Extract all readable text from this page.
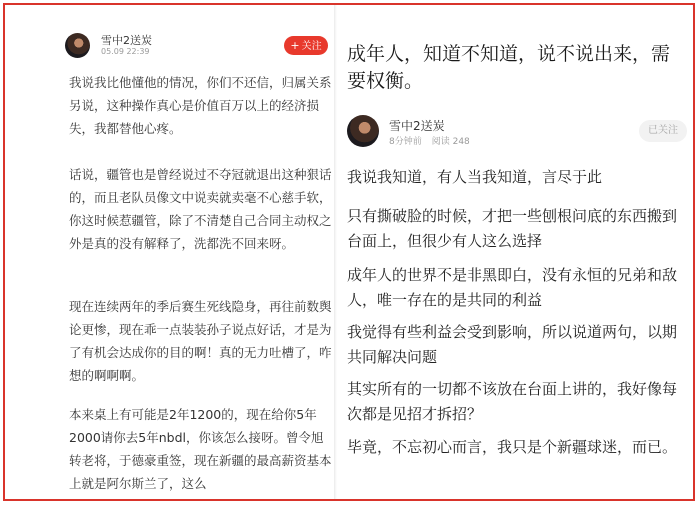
雪中2送炭
05.09 22:39	+ 关注

我说我比他懂他的情况，你们不还信，归属关系另说，这种操作真心是价值百万以上的经济损失，我都替他心疼。

话说，疆管也是曾经说过不夺冠就退出这种狠话的，而且老队员像文中说卖就卖毫不心慈手软，你这时候惹疆管，除了不清楚自己合同主动权之外是真的没有解释了，洗都洗不回来呀。

现在连续两年的季后赛生死线隐身，再往前数舆论更惨，现在乖一点装装孙子说点好话，才是为了有机会达成你的目的啊！真的无力吐槽了，咋想的啊啊啊。

本来桌上有可能是2年1200的，现在给你5年2000请你去5年nbdl，你该怎么接呀。曾令旭转老将，于德豪重签，现在新疆的最高薪资基本上就是阿尔斯兰了，这么

成年人，知道不知道，说不说出来，需要权衡。

雪中2送炭
8分钟前 阅读 248
已关注

我说我知道，有人当我知道，言尽于此

只有撕破脸的时候，才把一些刨根问底的东西搬到台面上，但很少有人这么选择

成年人的世界不是非黑即白，没有永恒的兄弟和敌人，唯一存在的是共同的利益

我觉得有些利益会受到影响，所以说道两句，以期共同解决问题

其实所有的一切都不该放在台面上讲的，我好像每次都是见招才拆招？

毕竟，不忘初心而言，我只是个新疆球迷，而已。
